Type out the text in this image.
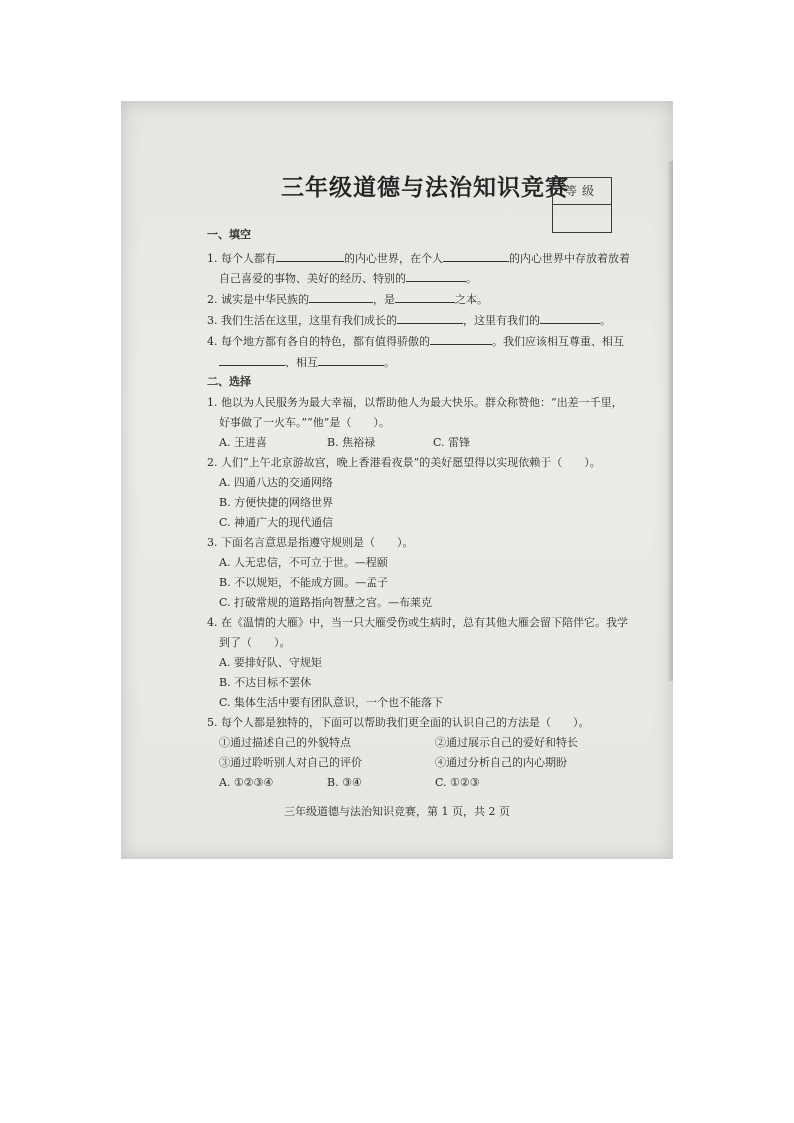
三年级道德与法治知识竞赛
等级
一、填空
1. 每个人都有	的内心世界，在个人	的内心世界中存放着放着
自己喜爱的事物、美好的经历、特别的	。
2. 诚实是中华民族的	，是	之本。
3. 我们生活在这里，这里有我们成长的	，这里有我们的	。
4. 每个地方都有各自的特色，都有值得骄傲的	。我们应该相互尊重、相互
、相互	。
二、选择
1. 他以为人民服务为最大幸福，以帮助他人为最大快乐。群众称赞他：“出差一千里，
好事做了一火车。”“他”是（　　）。
A. 王进喜	B. 焦裕禄	C. 雷锋
2. 人们“上午北京游故宫，晚上香港看夜景”的美好愿望得以实现依赖于（　　）。
A. 四通八达的交通网络
B. 方便快捷的网络世界
C. 神通广大的现代通信
3. 下面名言意思是指遵守规则是（　　）。
A. 人无忠信，不可立于世。—程颐
B. 不以规矩，不能成方圆。—孟子
C. 打破常规的道路指向智慧之宫。—布莱克
4. 在《温情的大雁》中，当一只大雁受伤或生病时，总有其他大雁会留下陪伴它。我学
到了（　　）。
A. 要排好队、守规矩
B. 不达目标不罢休
C. 集体生活中要有团队意识，一个也不能落下
5. 每个人都是独特的，下面可以帮助我们更全面的认识自己的方法是（　　）。
①通过描述自己的外貌特点	②通过展示自己的爱好和特长
③通过聆听别人对自己的评价	④通过分析自己的内心期盼
A. ①②③④	B. ③④	C. ①②③
三年级道德与法治知识竞赛，第 1 页，共 2 页
